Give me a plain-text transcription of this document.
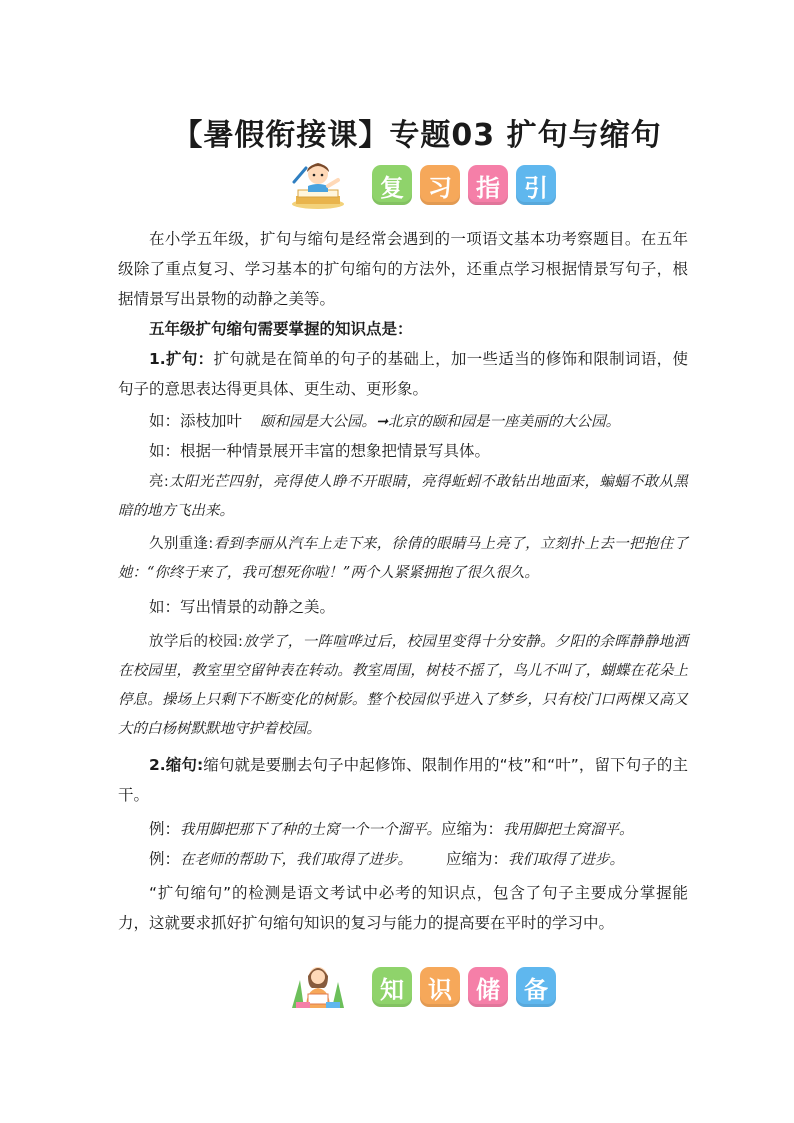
【暑假衔接课】专题03 扩句与缩句
复	习	指	引
在小学五年级，扩句与缩句是经常会遇到的一项语文基本功考察题目。在五年级除了重点复习、学习基本的扩句缩句的方法外，还重点学习根据情景写句子，根据情景写出景物的动静之美等。
五年级扩句缩句需要掌握的知识点是：
1.扩句：扩句就是在简单的句子的基础上，加一些适当的修饰和限制词语，使句子的意思表达得更具体、更生动、更形象。
如：添枝加叶 颐和园是大公园。➞北京的颐和园是一座美丽的大公园。
如：根据一种情景展开丰富的想象把情景写具体。
亮:太阳光芒四射，亮得使人睁不开眼睛，亮得蚯蚓不敢钻出地面来，蝙蝠不敢从黑暗的地方飞出来。
久别重逢:看到李丽从汽车上走下来，徐倩的眼睛马上亮了，立刻扑上去一把抱住了她：“你终于来了，我可想死你啦！”两个人紧紧拥抱了很久很久。
如：写出情景的动静之美。
放学后的校园:放学了，一阵喧哗过后，校园里变得十分安静。夕阳的余晖静静地洒在校园里，教室里空留钟表在转动。教室周围，树枝不摇了，鸟儿不叫了，蝴蝶在花朵上停息。操场上只剩下不断变化的树影。整个校园似乎进入了梦乡，只有校门口两棵又高又大的白杨树默默地守护着校园。
2.缩句:缩句就是要删去句子中起修饰、限制作用的“枝”和“叶”，留下句子的主干。
例：我用脚把那下了种的土窝一个一个溜平。应缩为：我用脚把土窝溜平。
例：在老师的帮助下，我们取得了进步。 应缩为：我们取得了进步。
“扩句缩句”的检测是语文考试中必考的知识点，包含了句子主要成分掌握能力，这就要求抓好扩句缩句知识的复习与能力的提高要在平时的学习中。
知	识	储	备
